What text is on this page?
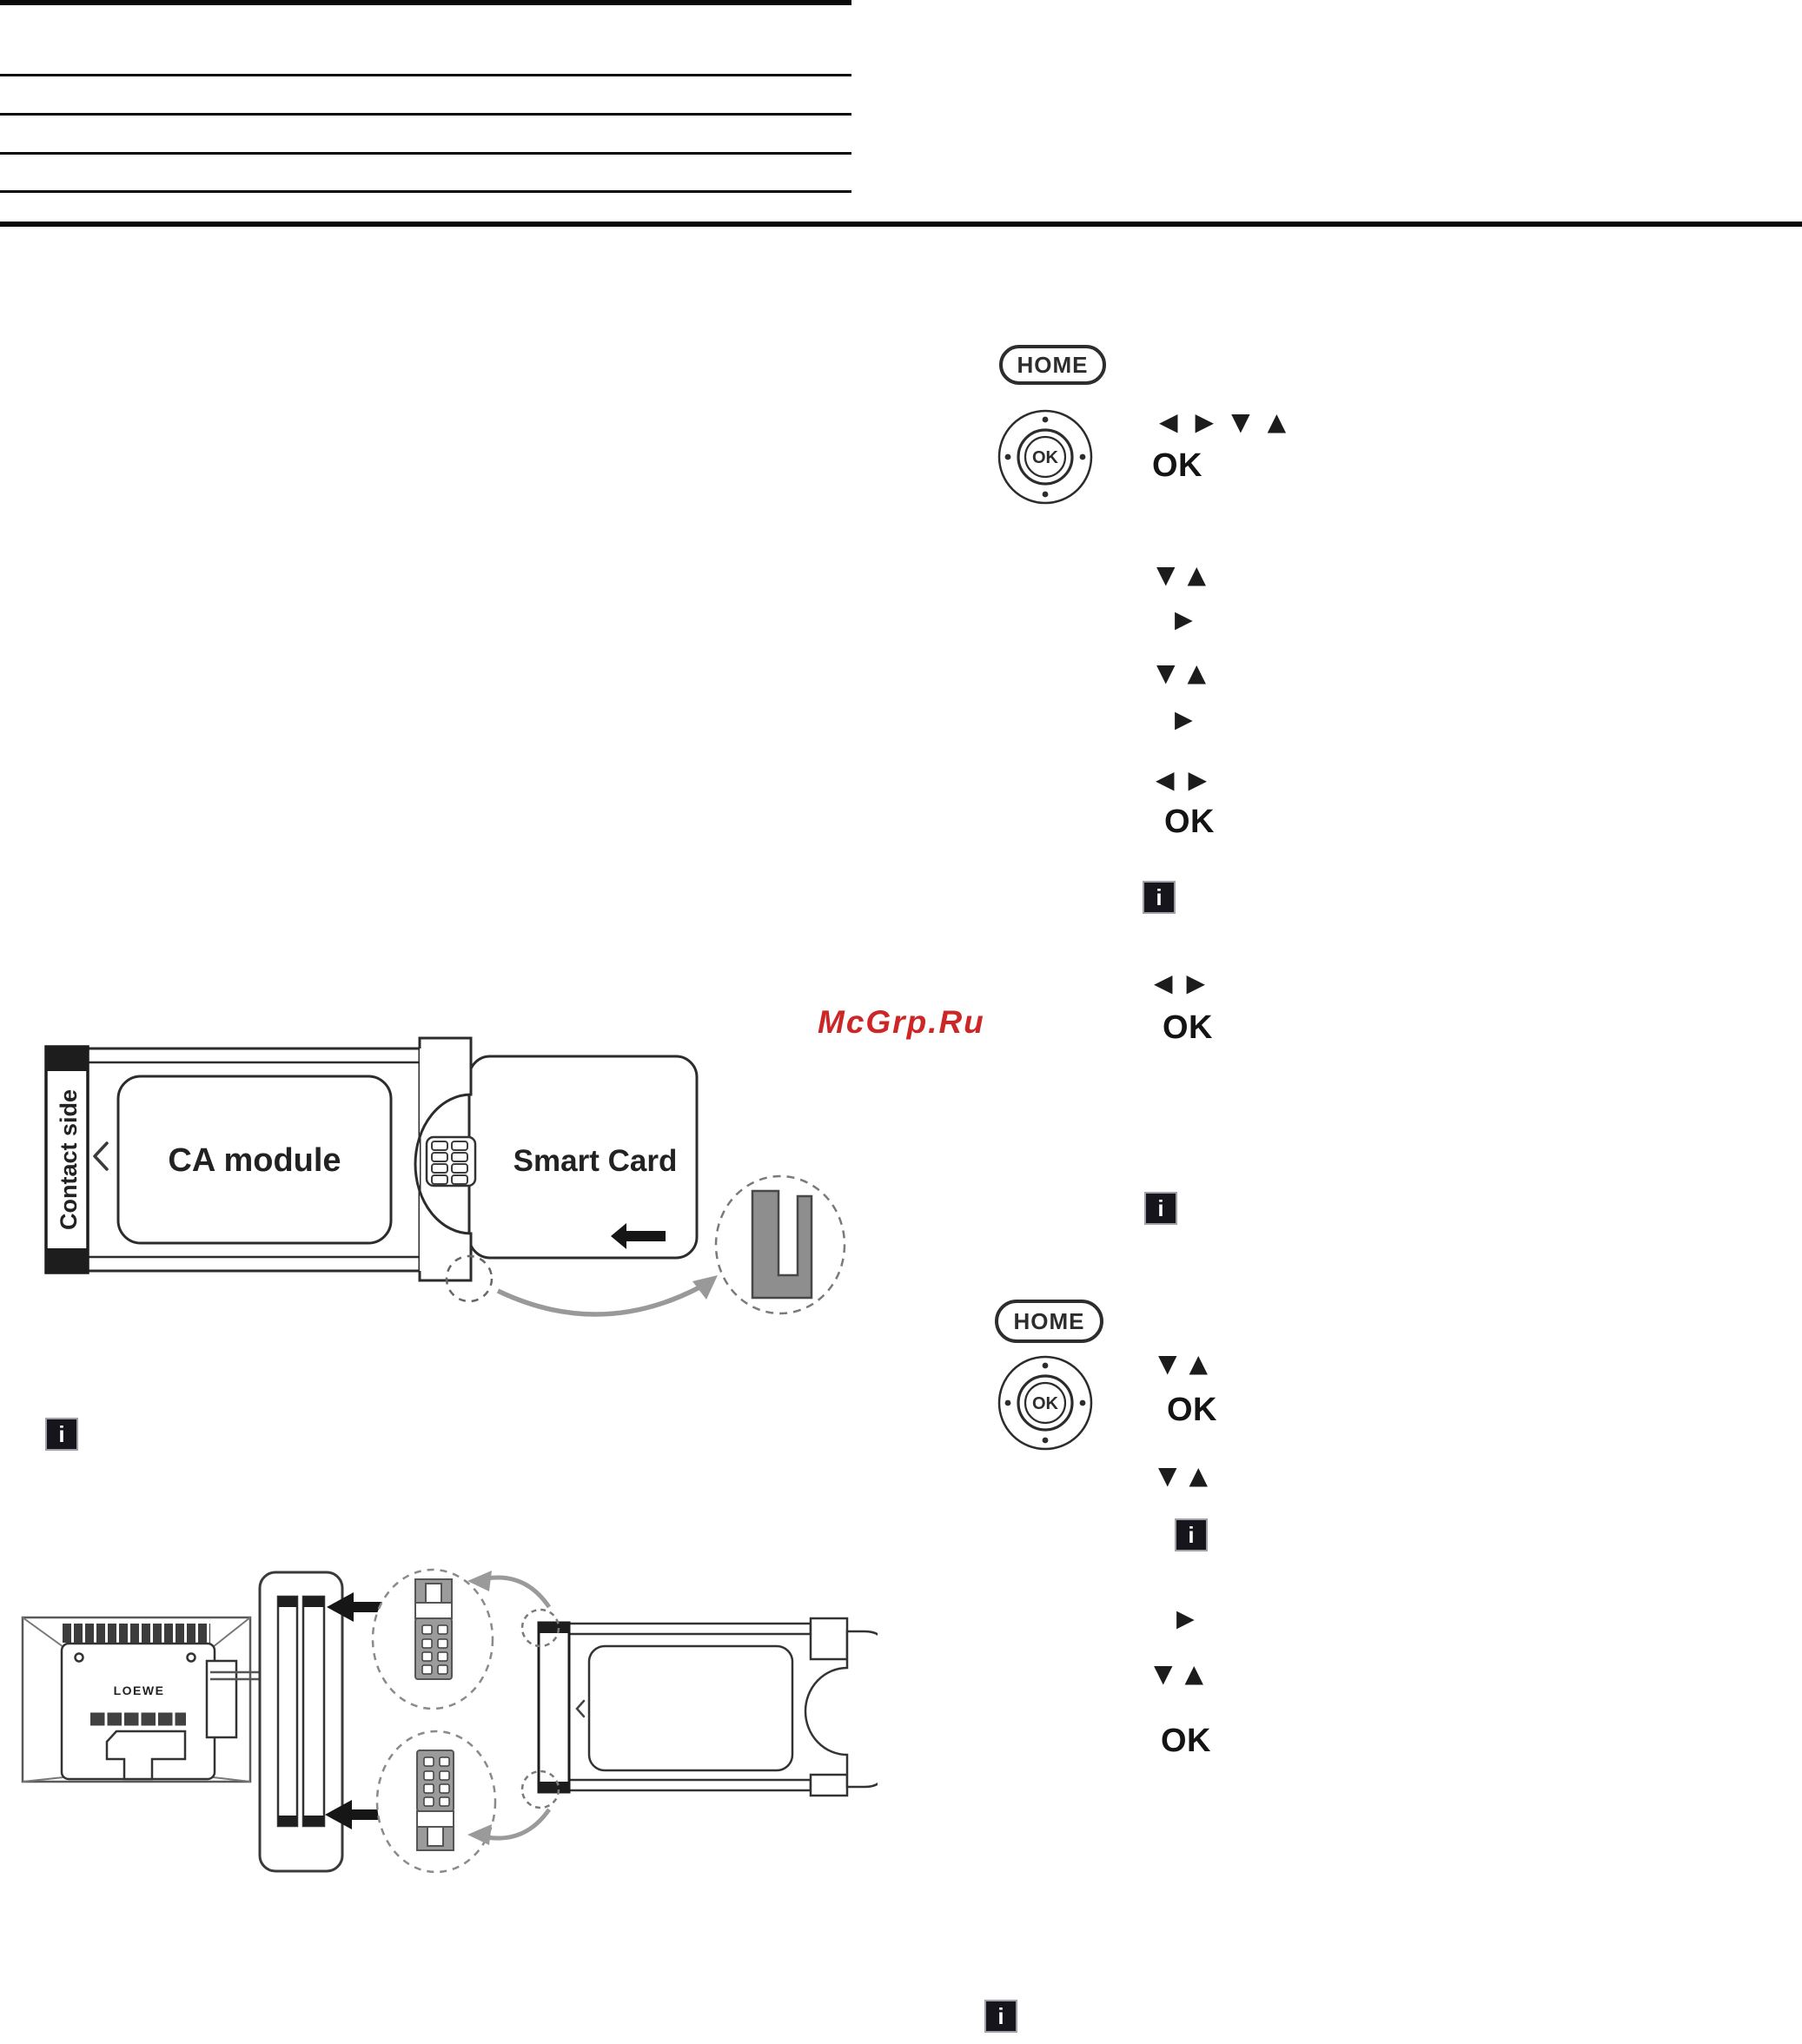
McGrp.Ru
Smart Card
CA module
Contact side
i
LOEWE
HOME
OK
◀ ▶ ▼ ▲
OK
▼ ▲
▶
▼ ▲
▶
◀ ▶
OK
i
◀ ▶
OK
i
HOME
OK
▼ ▲
OK
▼ ▲
i
▶
▼ ▲
OK
i
